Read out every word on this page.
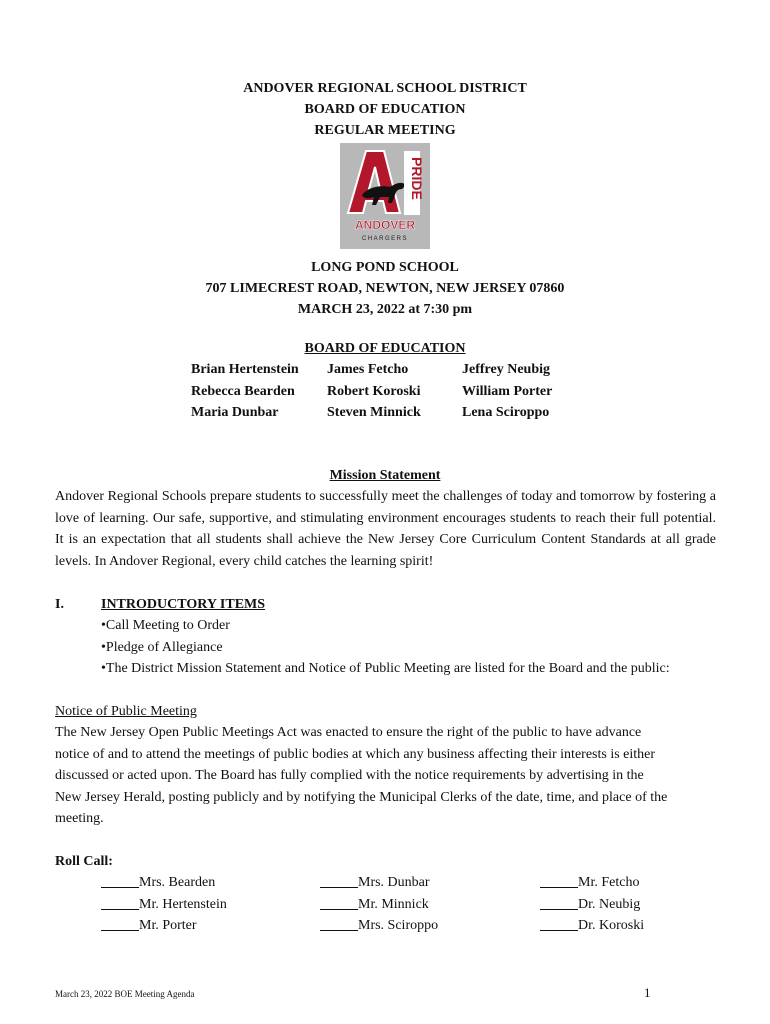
ANDOVER REGIONAL SCHOOL DISTRICT
BOARD OF EDUCATION
REGULAR MEETING
PRIDE
ANDOVER
CHARGERS
LONG POND SCHOOL
707 LIMECREST ROAD, NEWTON, NEW JERSEY 07860
MARCH 23, 2022 at 7:30 pm
BOARD OF EDUCATION
Brian Hertenstein
Rebecca Bearden
Maria Dunbar
James Fetcho
Robert Koroski
Steven Minnick
Jeffrey Neubig
William Porter
Lena Sciroppo
Mission Statement
Andover Regional Schools prepare students to successfully meet the challenges of today and tomorrow by fostering a love of learning. Our safe, supportive, and stimulating environment encourages students to reach their full potential. It is an expectation that all students shall achieve the New Jersey Core Curriculum Content Standards at all grade levels. In Andover Regional, every child catches the learning spirit!
I.	INTRODUCTORY ITEMS
•Call Meeting to Order
•Pledge of Allegiance
•The District Mission Statement and Notice of Public Meeting are listed for the Board and the public:
Notice of Public Meeting
The New Jersey Open Public Meetings Act was enacted to ensure the right of the public to have advance
notice of and to attend the meetings of public bodies at which any business affecting their interests is either
discussed or acted upon. The Board has fully complied with the notice requirements by advertising in the
New Jersey Herald, posting publicly and by notifying the Municipal Clerks of the date, time, and place of the
meeting.
Roll Call:
Mrs. Bearden
Mr. Hertenstein
Mr. Porter
Mrs. Dunbar
Mr. Minnick
Mrs. Sciroppo
Mr. Fetcho
Dr. Neubig
Dr. Koroski
March 23, 2022 BOE Meeting Agenda	1
